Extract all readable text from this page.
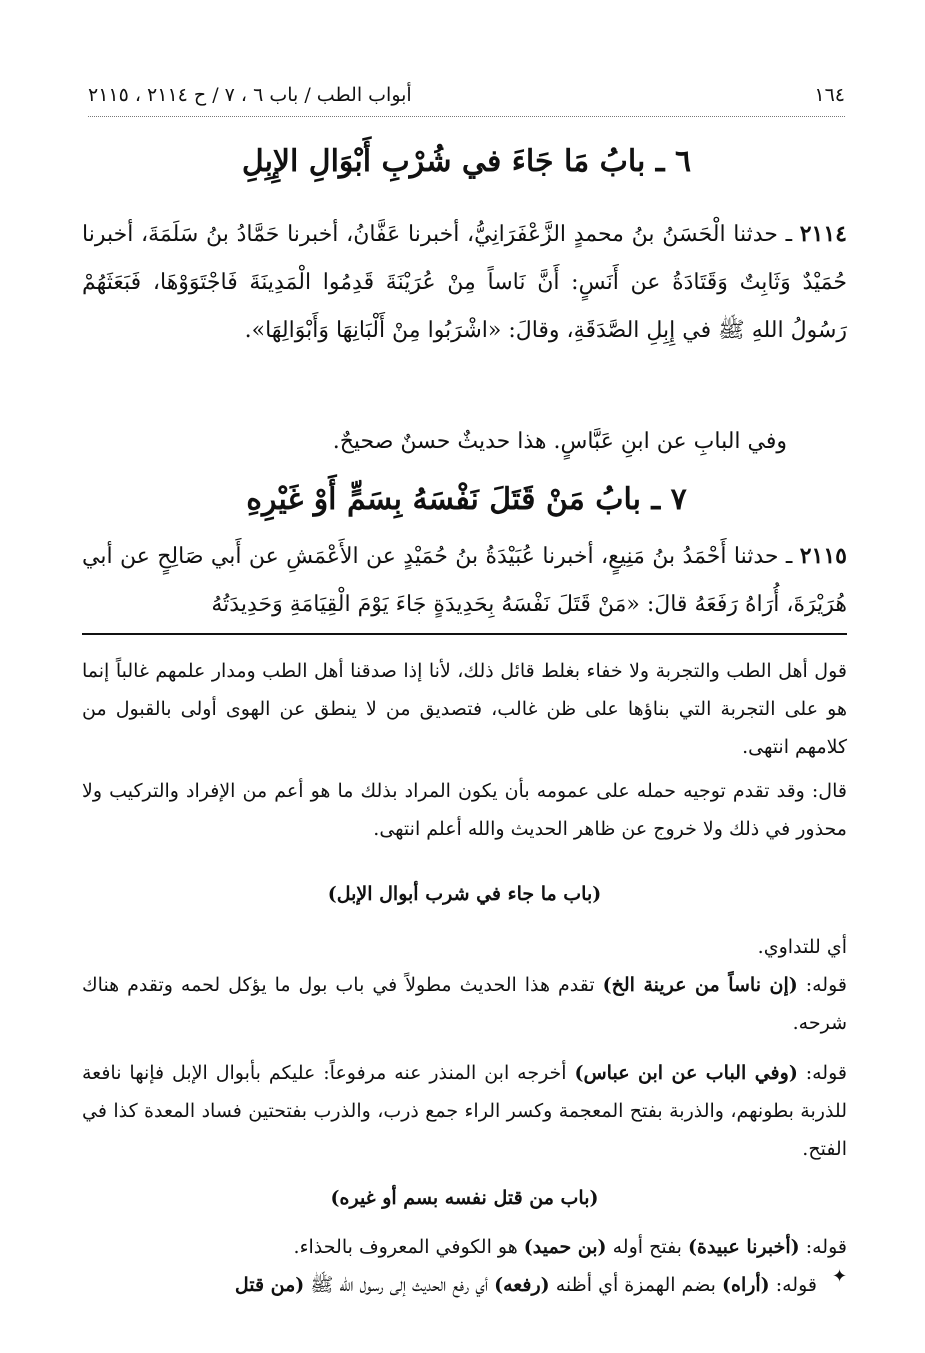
١٦٤
أبواب الطب / باب ٦ ، ٧ / ح ٢١١٤ ، ٢١١٥
٦ ـ بابُ مَا جَاءَ في شُرْبِ أَبْوَالِ الإِبِلِ
٢١١٤ ـ حدثنا الْحَسَنُ بنُ محمدٍ الزَّعْفَرَانِيُّ، أخبرنا عَفَّانُ، أخبرنا حَمَّادُ بنُ سَلَمَةَ، أخبرنا حُمَيْدٌ وَثَابِتٌ وَقَتَادَةُ عن أَنَسٍ: أَنَّ نَاساً مِنْ عُرَيْنَةَ قَدِمُوا الْمَدِينَةَ فَاجْتَوَوْهَا، فَبَعَثَهُمْ رَسُولُ اللهِ ﷺ في إِبِلِ الصَّدَقَةِ، وقالَ: «اشْرَبُوا مِنْ أَلْبَانِهَا وَأَبْوَالِهَا».
وفي البابِ عن ابنِ عَبَّاسٍ. هذا حديثٌ حسنٌ صحيحٌ.
٧ ـ بابُ مَنْ قَتَلَ نَفْسَهُ بِسَمٍّ أَوْ غَيْرِهِ
٢١١٥ ـ حدثنا أَحْمَدُ بنُ مَنِيعٍ، أخبرنا عُبَيْدَةُ بنُ حُمَيْدٍ عن الأَعْمَشِ عن أَبي صَالِحٍ عن أبي هُرَيْرَةَ، أُرَاهُ رَفَعَهُ قالَ: «مَنْ قَتَلَ نَفْسَهُ بِحَدِيدَةٍ جَاءَ يَوْمَ الْقِيَامَةِ وَحَدِيدَتُهُ
قول أهل الطب والتجربة ولا خفاء بغلط قائل ذلك، لأنا إذا صدقنا أهل الطب ومدار علمهم غالباً إنما هو على التجربة التي بناؤها على ظن غالب، فتصديق من لا ينطق عن الهوى أولى بالقبول من كلامهم انتهى.
قال: وقد تقدم توجيه حمله على عمومه بأن يكون المراد بذلك ما هو أعم من الإفراد والتركيب ولا محذور في ذلك ولا خروج عن ظاهر الحديث والله أعلم انتهى.
(باب ما جاء في شرب أبوال الإبل)
أي للتداوي.
قوله: (إن ناساً من عرينة الخ) تقدم هذا الحديث مطولاً في باب بول ما يؤكل لحمه وتقدم هناك شرحه.
قوله: (وفي الباب عن ابن عباس) أخرجه ابن المنذر عنه مرفوعاً: عليكم بأبوال الإبل فإنها نافعة للذربة بطونهم، والذربة بفتح المعجمة وكسر الراء جمع ذرب، والذرب بفتحتين فساد المعدة كذا في الفتح.
(باب من قتل نفسه بسم أو غيره)
قوله: (أخبرنا عبيدة) بفتح أوله (بن حميد) هو الكوفي المعروف بالحذاء.
قوله: (أراه) بضم الهمزة أي أظنه (رفعه) أي رفع الحديث إلى رسول الله ﷺ (من قتل	✦
